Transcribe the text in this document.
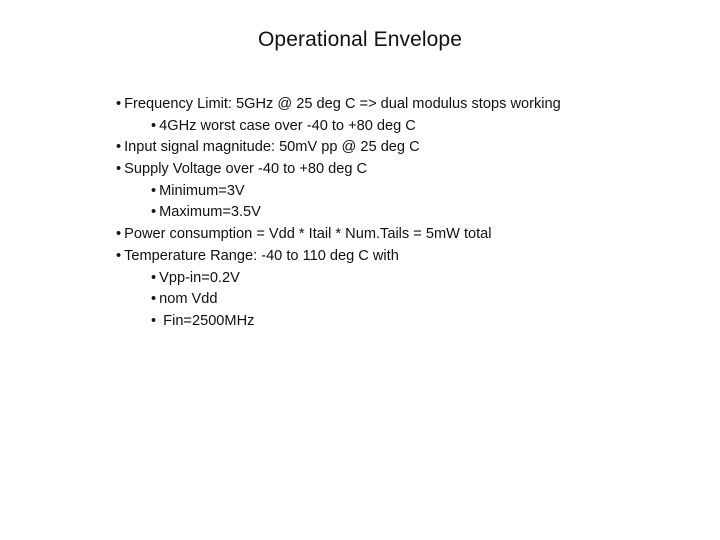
Operational Envelope
• Frequency Limit: 5GHz @ 25 deg C => dual modulus stops working
• 4GHz worst case over -40 to +80 deg C
• Input signal magnitude: 50mV pp @ 25 deg C
• Supply Voltage over -40 to +80 deg C
• Minimum=3V
• Maximum=3.5V
• Power consumption = Vdd * Itail * Num.Tails = 5mW total
• Temperature Range: -40 to 110 deg C with
• Vpp-in=0.2V
• nom Vdd
• Fin=2500MHz
